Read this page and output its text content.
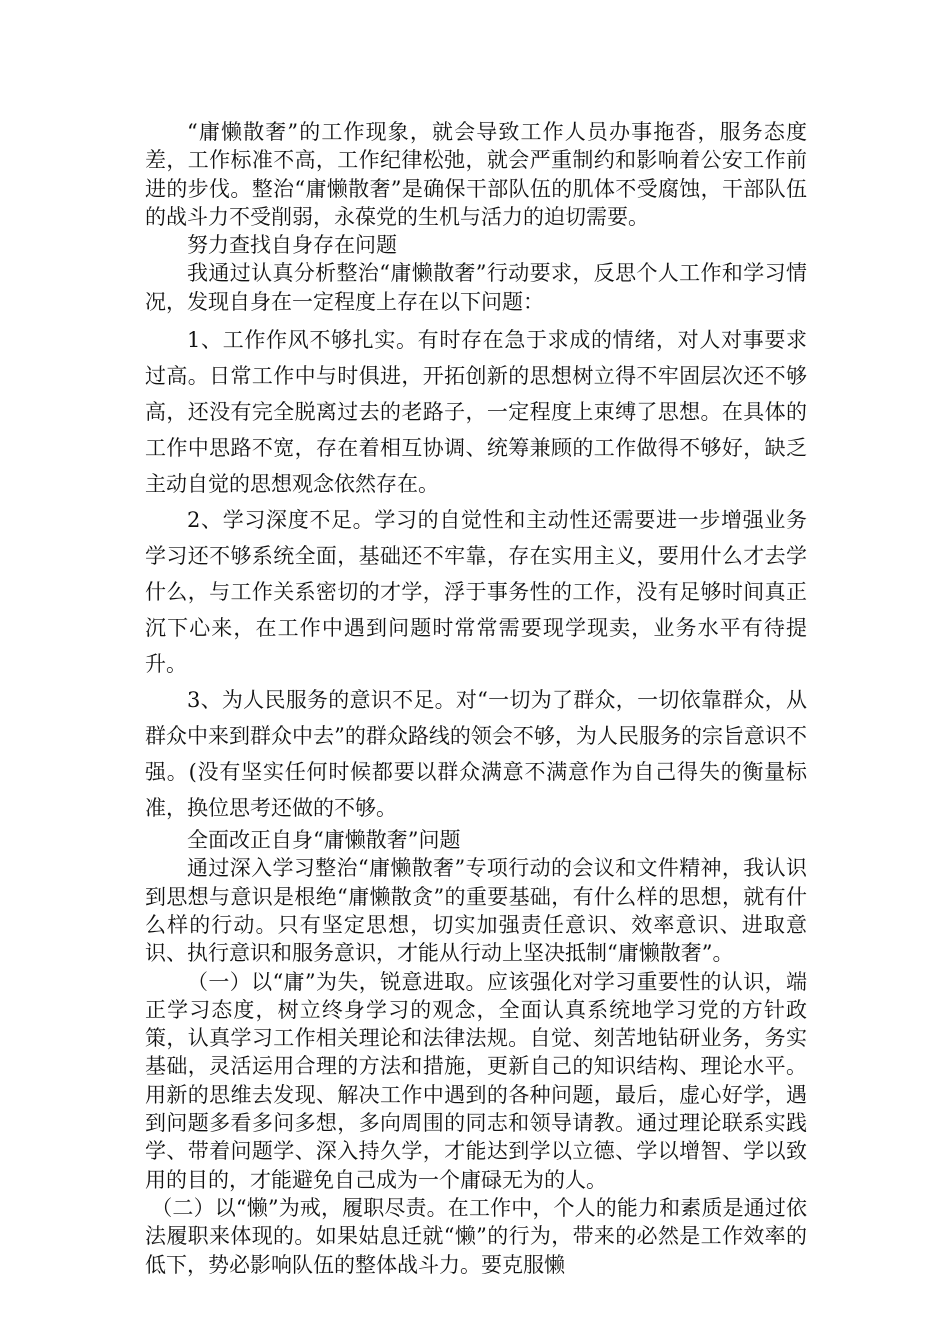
“庸懒散奢”的工作现象，就会导致工作人员办事拖沓，服务态度差，工作标准不高，工作纪律松弛，就会严重制约和影响着公安工作前进的步伐。整治“庸懒散奢”是确保干部队伍的肌体不受腐蚀，干部队伍的战斗力不受削弱，永葆党的生机与活力的迫切需要。

努力查找自身存在问题

我通过认真分析整治“庸懒散奢”行动要求，反思个人工作和学习情况，发现自身在一定程度上存在以下问题：

1、工作作风不够扎实。有时存在急于求成的情绪，对人对事要求过高。日常工作中与时俱进，开拓创新的思想树立得不牢固层次还不够高，还没有完全脱离过去的老路子，一定程度上束缚了思想。在具体的工作中思路不宽，存在着相互协调、统筹兼顾的工作做得不够好，缺乏主动自觉的思想观念依然存在。

2、学习深度不足。学习的自觉性和主动性还需要进一步增强业务学习还不够系统全面，基础还不牢靠，存在实用主义，要用什么才去学什么，与工作关系密切的才学，浮于事务性的工作，没有足够时间真正沉下心来，在工作中遇到问题时常常需要现学现卖，业务水平有待提升。

3、为人民服务的意识不足。对“一切为了群众，一切依靠群众，从群众中来到群众中去”的群众路线的领会不够，为人民服务的宗旨意识不强。(没有坚实任何时候都要以群众满意不满意作为自己得失的衡量标准，换位思考还做的不够。

全面改正自身“庸懒散奢”问题

通过深入学习整治“庸懒散奢”专项行动的会议和文件精神，我认识到思想与意识是根绝“庸懒散贪”的重要基础，有什么样的思想，就有什么样的行动。只有坚定思想，切实加强责任意识、效率意识、进取意识、执行意识和服务意识，才能从行动上坚决抵制“庸懒散奢”。

（一）以“庸”为失，锐意进取。应该强化对学习重要性的认识，端正学习态度，树立终身学习的观念，全面认真系统地学习党的方针政策，认真学习工作相关理论和法律法规。自觉、刻苦地钻研业务，务实基础，灵活运用合理的方法和措施，更新自己的知识结构、理论水平。用新的思维去发现、解决工作中遇到的各种问题，最后，虚心好学，遇到问题多看多问多想，多向周围的同志和领导请教。通过理论联系实践学、带着问题学、深入持久学，才能达到学以立德、学以增智、学以致用的目的，才能避免自己成为一个庸碌无为的人。

（二）以“懒”为戒，履职尽责。在工作中，个人的能力和素质是通过依法履职来体现的。如果姑息迁就“懒”的行为，带来的必然是工作效率的低下，势必影响队伍的整体战斗力。要克服懒
